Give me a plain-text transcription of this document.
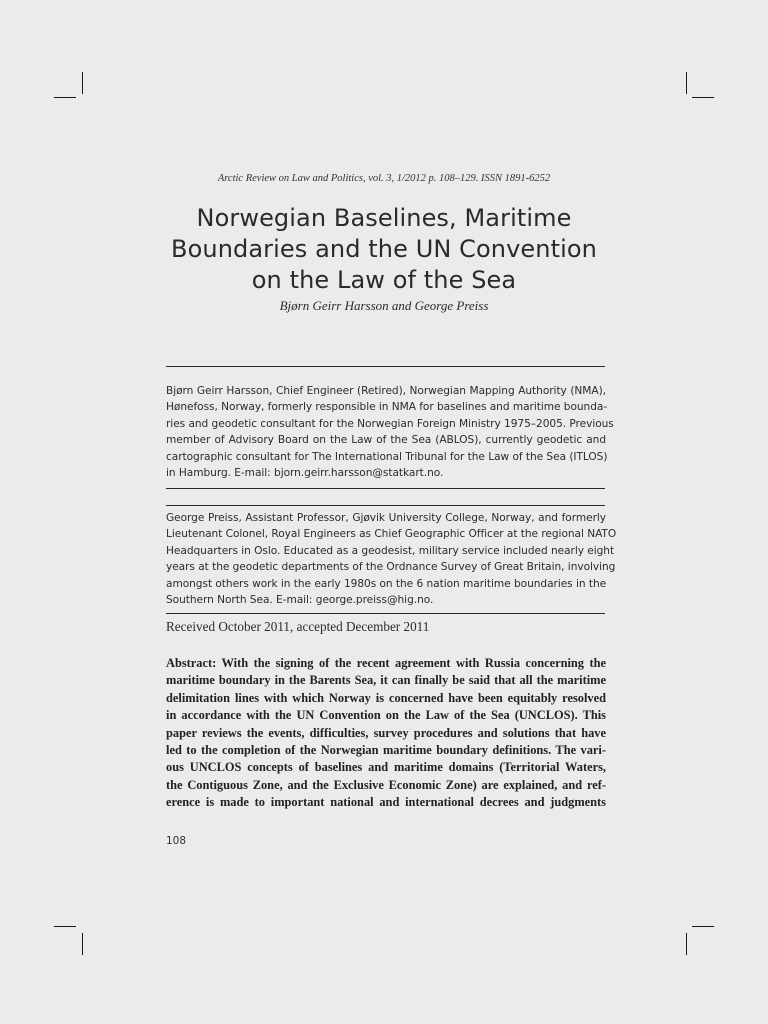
Arctic Review on Law and Politics, vol. 3, 1/2012 p. 108–129. ISSN 1891-6252
Norwegian Baselines, Maritime
Boundaries and the UN Convention
on the Law of the Sea
Bjørn Geirr Harsson and George Preiss
Bjørn Geirr Harsson, Chief Engineer (Retired), Norwegian Mapping Authority (NMA),
Hønefoss, Norway, formerly responsible in NMA for baselines and maritime bounda-
ries and geodetic consultant for the Norwegian Foreign Ministry 1975–2005. Previous
member of Advisory Board on the Law of the Sea (ABLOS), currently geodetic and
cartographic consultant for The International Tribunal for the Law of the Sea (ITLOS)
in Hamburg. E-mail: bjorn.geirr.harsson@statkart.no.
George Preiss, Assistant Professor, Gjøvik University College, Norway, and formerly
Lieutenant Colonel, Royal Engineers as Chief Geographic Officer at the regional NATO
Headquarters in Oslo. Educated as a geodesist, military service included nearly eight
years at the geodetic departments of the Ordnance Survey of Great Britain, involving
amongst others work in the early 1980s on the 6 nation maritime boundaries in the
Southern North Sea. E-mail: george.preiss@hig.no.
Received October 2011, accepted December 2011
Abstract: With the signing of the recent agreement with Russia concerning the
maritime boundary in the Barents Sea, it can finally be said that all the maritime
delimitation lines with which Norway is concerned have been equitably resolved
in accordance with the UN Convention on the Law of the Sea (UNCLOS). This
paper reviews the events, difficulties, survey procedures and solutions that have
led to the completion of the Norwegian maritime boundary definitions. The vari-
ous UNCLOS concepts of baselines and maritime domains (Territorial Waters,
the Contiguous Zone, and the Exclusive Economic Zone) are explained, and ref-
erence is made to important national and international decrees and judgments
108
